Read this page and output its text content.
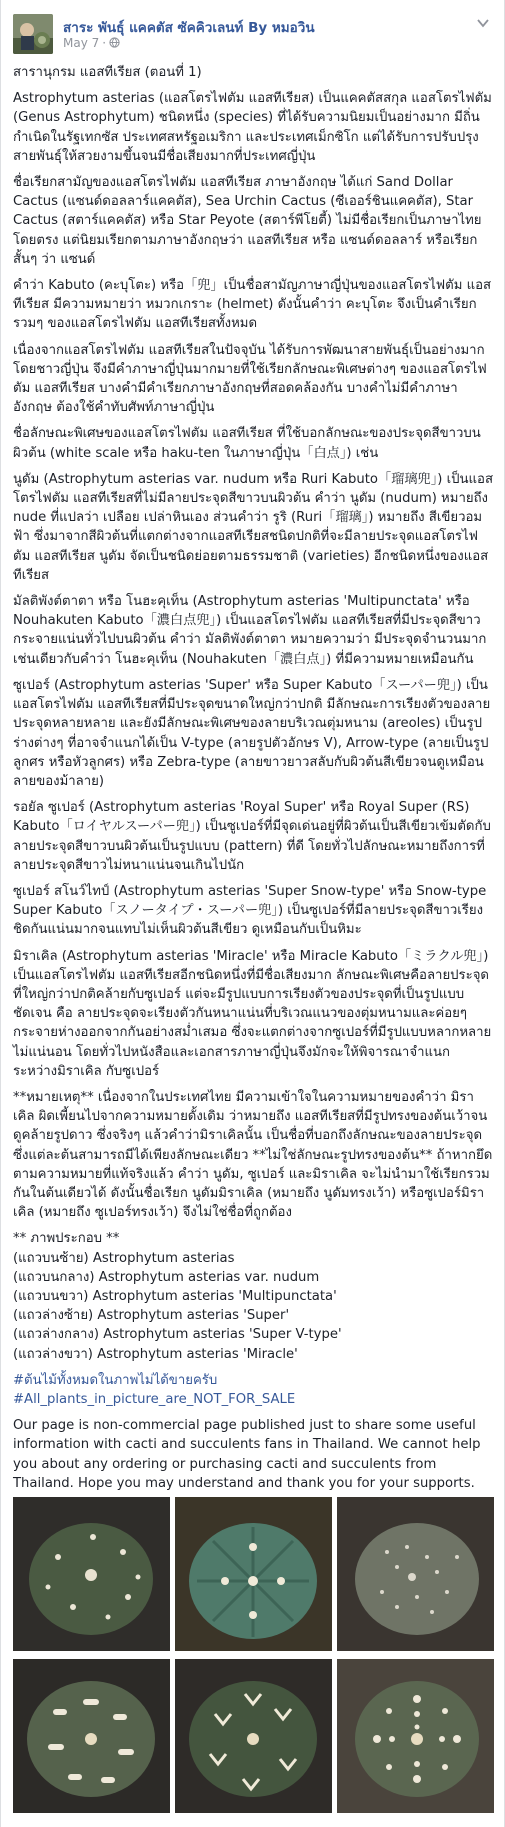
สาระ พันธุ์ แคคตัส ซัคคิวเลนท์ By หมอวิน
May 7 ·

สารานุกรม แอสทีเรียส (ตอนที่ 1)

Astrophytum asterias (แอสโตรไฟตัม แอสทีเรียส) เป็นแคคตัสสกุล แอสโตรไฟตัม (Genus Astrophytum) ชนิดหนึ่ง (species) ที่ได้รับความนิยมเป็นอย่างมาก มีถิ่นกำเนิดในรัฐเทกซัส ประเทศสหรัฐอเมริกา และประเทศเม็กซิโก แต่ได้รับการปรับปรุงสายพันธุ์ให้สวยงามขึ้นจนมีชื่อเสียงมากที่ประเทศญี่ปุ่น

ชื่อเรียกสามัญของแอสโตรไฟตัม แอสทีเรียส ภาษาอังกฤษ ได้แก่ Sand Dollar Cactus (แซนด์ดอลลาร์แคคตัส), Sea Urchin Cactus (ซีเออร์ชินแคคตัส), Star Cactus (สตาร์แคคตัส) หรือ Star Peyote (สตาร์พีโยตี้) ไม่มีชื่อเรียกเป็นภาษาไทยโดยตรง แต่นิยมเรียกตามภาษาอังกฤษว่า แอสทีเรียส หรือ แซนด์ดอลลาร์ หรือเรียกสั้นๆ ว่า แซนด์

คำว่า Kabuto (คะบุโตะ) หรือ「兜」เป็นชื่อสามัญภาษาญี่ปุ่นของแอสโตรไฟตัม แอสทีเรียส มีความหมายว่า หมวกเกราะ (helmet) ดังนั้นคำว่า คะบุโตะ จึงเป็นคำเรียกรวมๆ ของแอสโตรไฟตัม แอสทีเรียสทั้งหมด

เนื่องจากแอสโตรไฟตัม แอสทีเรียสในปัจจุบัน ได้รับการพัฒนาสายพันธุ์เป็นอย่างมากโดยชาวญี่ปุ่น จึงมีคำภาษาญี่ปุ่นมากมายที่ใช้เรียกลักษณะพิเศษต่างๆ ของแอสโตรไฟตัม แอสทีเรียส บางคำมีคำเรียกภาษาอังกฤษที่สอดคล้องกัน บางคำไม่มีคำภาษาอังกฤษ ต้องใช้คำทับศัพท์ภาษาญี่ปุ่น

ชื่อลักษณะพิเศษของแอสโตรไฟตัม แอสทีเรียส ที่ใช้บอกลักษณะของประจุดสีขาวบนผิวต้น (white scale หรือ haku-ten ในภาษาญี่ปุ่น「白点」) เช่น

นูดัม (Astrophytum asterias var. nudum หรือ Ruri Kabuto「瑠璃兜」) เป็นแอสโตรไฟตัม แอสทีเรียสที่ไม่มีลายประจุดสีขาวบนผิวต้น คำว่า นูดัม (nudum) หมายถึง nude ที่แปลว่า เปลือย เปล่าหินเอง ส่วนคำว่า รูริ (Ruri「瑠璃」) หมายถึง สีเขียวอมฟ้า ซึ่งมาจากสีผิวต้นที่แตกต่างจากแอสทีเรียสชนิดปกติที่จะมีลายประจุดแอสโตรไฟตัม แอสทีเรียส นูดัม จัดเป็นชนิดย่อยตามธรรมชาติ (varieties) อีกชนิดหนึ่งของแอสทีเรียส

มัลติพังต์ตาตา หรือ โนฮะคุเท็น (Astrophytum asterias 'Multipunctata' หรือ Nouhakuten Kabuto「濃白点兜」) เป็นแอสโตรไฟตัม แอสทีเรียสที่มีประจุดสีขาวกระจายแน่นทั่วไปบนผิวต้น คำว่า มัลติพังต์ตาตา หมายความว่า มีประจุดจำนวนมาก เช่นเดียวกับคำว่า โนฮะคุเท็น (Nouhakuten「濃白点」) ที่มีความหมายเหมือนกัน

ซูเปอร์ (Astrophytum asterias 'Super' หรือ Super Kabuto「スーパー兜」) เป็นแอสโตรไฟตัม แอสทีเรียสที่มีประจุดขนาดใหญ่กว่าปกติ มีลักษณะการเรียงตัวของลายประจุดหลายหลาย และยังมีลักษณะพิเศษของลายบริเวณตุ่มหนาม (areoles) เป็นรูปร่างต่างๆ ที่อาจจำแนกได้เป็น V-type (ลายรูปตัวอักษร V), Arrow-type (ลายเป็นรูปลูกศร หรือหัวลูกศร) หรือ Zebra-type (ลายขาวยาวสลับกับผิวต้นสีเขียวจนดูเหมือนลายของม้าลาย)

รอยัล ซูเปอร์ (Astrophytum asterias 'Royal Super' หรือ Royal Super (RS) Kabuto「ロイヤルスーパー兜」) เป็นซูเปอร์ที่มีจุดเด่นอยู่ที่ผิวต้นเป็นสีเขียวเข้มตัดกับลายประจุดสีขาวบนผิวต้นเป็นรูปแบบ (pattern) ที่ดี โดยทั่วไปลักษณะหมายถึงการที่ลายประจุดสีขาวไม่หนาแน่นจนเกินไปนัก

ซูเปอร์ สโนว์ไทป์ (Astrophytum asterias 'Super Snow-type' หรือ Snow-type Super Kabuto「スノータイプ・スーパー兜」) เป็นซูเปอร์ที่มีลายประจุดสีขาวเรียงชิดกันแน่นมากจนแทบไม่เห็นผิวต้นสีเขียว ดูเหมือนกับเป็นหิมะ

มิราเคิล (Astrophytum asterias 'Miracle' หรือ Miracle Kabuto「ミラクル兜」) เป็นแอสโตรไฟตัม แอสทีเรียสอีกชนิดหนึ่งที่มีชื่อเสียงมาก ลักษณะพิเศษคือลายประจุดที่ใหญ่กว่าปกติคล้ายกับซูเปอร์ แต่จะมีรูปแบบการเรียงตัวของประจุดที่เป็นรูปแบบชัดเจน คือ ลายประจุดจะเรียงตัวกันหนาแน่นที่บริเวณแนวของตุ่มหนามและค่อยๆ กระจายห่างออกจากกันอย่างสม่ำเสมอ ซึ่งจะแตกต่างจากซูเปอร์ที่มีรูปแบบหลากหลายไม่แน่นอน โดยทั่วไปหนังสือและเอกสารภาษาญี่ปุ่นจึงมักจะให้พิจารณาจำแนกระหว่างมิราเคิล กับซูเปอร์

**หมายเหตุ** เนื่องจากในประเทศไทย มีความเข้าใจในความหมายของคำว่า มิราเคิล ผิดเพี้ยนไปจากความหมายดั้งเดิม ว่าหมายถึง แอสทีเรียสที่มีรูปทรงของต้นเว้าจนดูคล้ายรูปดาว ซึ่งจริงๆ แล้วคำว่ามิราเคิลนั้น เป็นชื่อที่บอกถึงลักษณะของลายประจุด ซึ่งแต่ละต้นสามารถมีได้เพียงลักษณะเดียว **ไม่ใช่ลักษณะรูปทรงของต้น** ถ้าหากยึดตามความหมายที่แท้จริงแล้ว คำว่า นูดัม, ซูเปอร์ และมิราเคิล จะไม่นำมาใช้เรียกรวมกันในต้นเดียวได้ ดังนั้นชื่อเรียก นูดัมมิราเคิล (หมายถึง นูดัมทรงเว้า) หรือซูเปอร์มิราเคิล (หมายถึง ซูเปอร์ทรงเว้า) จึงไม่ใช่ชื่อที่ถูกต้อง

** ภาพประกอบ **
(แถวบนซ้าย) Astrophytum asterias
(แถวบนกลาง) Astrophytum asterias var. nudum
(แถวบนขวา) Astrophytum asterias 'Multipunctata'
(แถวล่างซ้าย) Astrophytum asterias 'Super'
(แถวล่างกลาง) Astrophytum asterias 'Super V-type'
(แถวล่างขวา) Astrophytum asterias 'Miracle'

#ต้นไม้ทั้งหมดในภาพไม่ได้ขายครับ
#All_plants_in_picture_are_NOT_FOR_SALE

Our page is non-commercial page published just to share some useful information with cacti and succulents fans in Thailand. We cannot help you about any ordering or purchasing cacti and succulents from Thailand. Hope you may understand and thank you for your supports.
